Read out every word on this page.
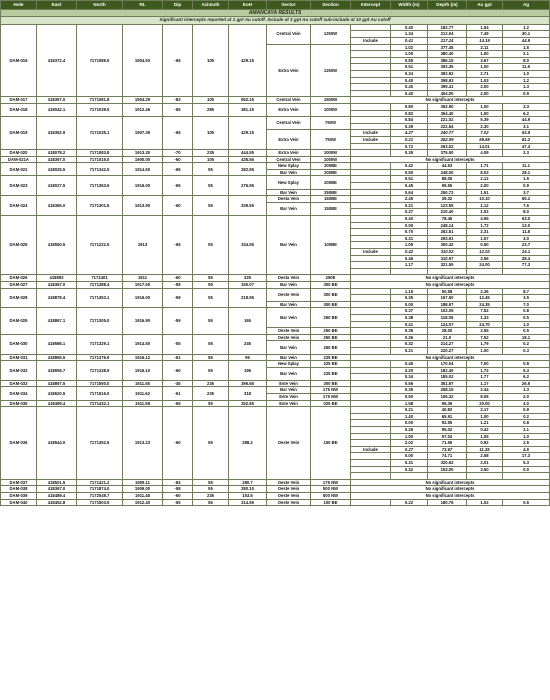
Hole	East	North	RL	Dip	Azimuth	EoH	Sector	Section	Intercept	Width (m)	Depth (m)	Au gpt	Ag
AMANCAYA RESULTS													
Significant intercepts reported at 1 gpt Au cutoff. Include at 3 gpt Au cutoff sub-include at 10 gpt Au cutoff													
DAM-016	418372.4	7171089.5	1904.93	-65	105	429.15	Central Vein	1250W		0.40	182.77	1.54	1.2
										1.34	212.04	7.49	30.1
									Include	0.41	217.24	14.19	44.9
							Extra Vein	1250W		1.02	377.45	2.11	1.5
										1.00	380.40	1.00	2.1
										0.55	386.15	3.67	8.0
										0.51	392.35	1.00	11.5
										0.34	392.92	2.71	1.0
										0.40	398.93	1.03	1.2
										0.40	399.41	2.00	1.3
										0.40	404.00	2.00	0.9
DAM-017	418367.0	7171081.8	1904.29	-83	105	552.15	Central Vein	1500W	No significant intercepts				
DAM-018	418042.1	7171039.5	1912.46	-65	285	381.15	Extra Vein	1000W		0.80	352.90	1.00	3.3
										0.82	354.40	1.00	6.2
DAM-019	418362.9	7171035.1	1907.39	-65	105	429.15	Central Vein	750W		0.84	221.02	5.39	44.9
										0.39	222.54	2.30	3.1
							Extra Vein	750W	Include	4.27	240.77	7.02	53.8
									Include	0.21	262.09	59.69	81.2
										0.72	263.02	14.01	47.4
DAM-020	418078.2	7171083.8	1913.30	-70	235	444.55	Extra Vein	1000W		0.35	375.50	4.09	2.3
DAM-021A	418367.0	7171015.0	1900.00	-60	105	435.55	Central Vein	1000W	No significant intercepts				
DAM-022	418025.5	7171342.5	1914.50	-65	55	282.55	New Splay	200BE		0.42	44.53	1.71	11.1
							Bar Vein	200BE		0.50	248.00	8.03	28.1
DAM-023	418027.5	7171363.5	1916.00	-65	55	276.55	New Splay	200BE		0.51	88.05	2.12	1.5
										0.45	95.55	2.00	0.9
							Bar Vein	250BE		0.64	250.72	1.51	3.7
DAM-024	418365.0	7171301.5	1913.90	-60	55	339.55	Desta Vein	150BE		2.45	39.32	10.10	65.2
							Bar Vein	150BE		0.21	123.55	1.12	7.6
										0.37	210.40	1.02	8.0
DAM-025	418550.5	7171222.5	1913	-65	55	334.55	Bar Vein	100BE		0.40	78.45	4.55	63.0
										0.00	248.14	1.72	13.0
										0.70	262.51	2.31	11.8
										0.31	293.91	1.57	3.0
										1.09	300.42	0.50	23.7
									Include	0.42	310.02	12.02	24.1
										0.46	310.97	2.56	28.4
										1.17	321.55	24.00	77.3

DAM-026	418893	7171401	1911	-60	55	325	Desta Vein	250E	No significant intercepts				
DAM-027	418367.0	7171388.4	1917.50	-59	55	150.07	Bar Vein	300 BE	No significant intercepts				
DAM-028	418878.4	7171353.1	1916.00	-59	55	218.55	Oeste Vein	300 BE		1.16	50.58	2.36	8.7
										0.35	167.50	12.45	3.5
							Bar Vein	300 BE		0.00	188.97	24.35	7.0
DAM-029	418867.1	7171305.0	1916.90	-59	55	165	Bar Vein	250 BE		0.37	102.05	7.52	0.8
										0.38	118.05	1.33	0.5
										0.41	124.07	24.70	1.0
							Oeste Vein	250 BE		0.35	28.00	2.55	0.5
DAM-030	418586.1	7171329.1	1914.50	-55	55	245	Oeste Vein	250 BE		0.36	21.0	7.52	18.1
							Bar Vein	250 BE		0.32	214.27	1.79	0.2
										0.21	220.27	1.00	0.3
DAM-031	418865.5	7171376.9	1916.12	-61	55	95	Bar Vein	225 BE	No significant intercepts				
DAM-032	418655.7	7171338.9	1916.10	-60	55	195	New Splay	225 BE		0.45	170.04	7.00	0.8
							Bar Vein	225 BE		2.20	182.40	1.72	5.3
										0.34	185.02	1.77	6.2
DAM-033	418867.5	7171550.0	1911.55	-45	235	396.65	Este Vein	300 BE		0.56	351.97	1.17	26.5
DAM-034	418620.5	7171516.0	1911.62	-61	235	318	Bar Vein	175 NW		0.35	258.15	2.44	1.3
							Este Vein	175 NW		0.50	106.32	8.06	2.0
DAM-035	418489.4	7171432.1	1911.58	-65	55	252.65	Este Vein	025 BE		1.58	96.39	20.00	4.0
DAM-036	418544.0	7171352.6	1913.23	-60	55	288.2	Oeste Vein	150 BE		0.21	40.82	2.17	0.9
										1.40	65.91	1.00	0.2
										0.00	92.55	1.21	0.8
										0.26	95.02	0.42	2.1
										1.00	97.04	1.05	1.0
										2.02	71.55	0.92	2.5
									Include	0.27	73.67	11.35	4.5
										0.00	74.71	2.58	17.3
										0.31	320.62	2.01	5.3
										0.32	153.00	3.50	0.0

DAM-037	418501.5	7171421.2	1909.11	-84	55	280.7	Oeste Vein	175 NW	No significant intercepts				
DAM-038	418367.0	7171874.0	1909.00	-58	55	280.10	Oeste Vein	500 NW	No significant intercepts				
DAM-039	418489.4	7172049.7	1911.48	-60	235	153.5	Oeste Vein	500 NW	No significant intercepts				
DAM-040	418452.8	7171503.5	1912.40	-55	55	214.55	Oeste Vein	100 BE		0.22	180.76	1.02	0.6
